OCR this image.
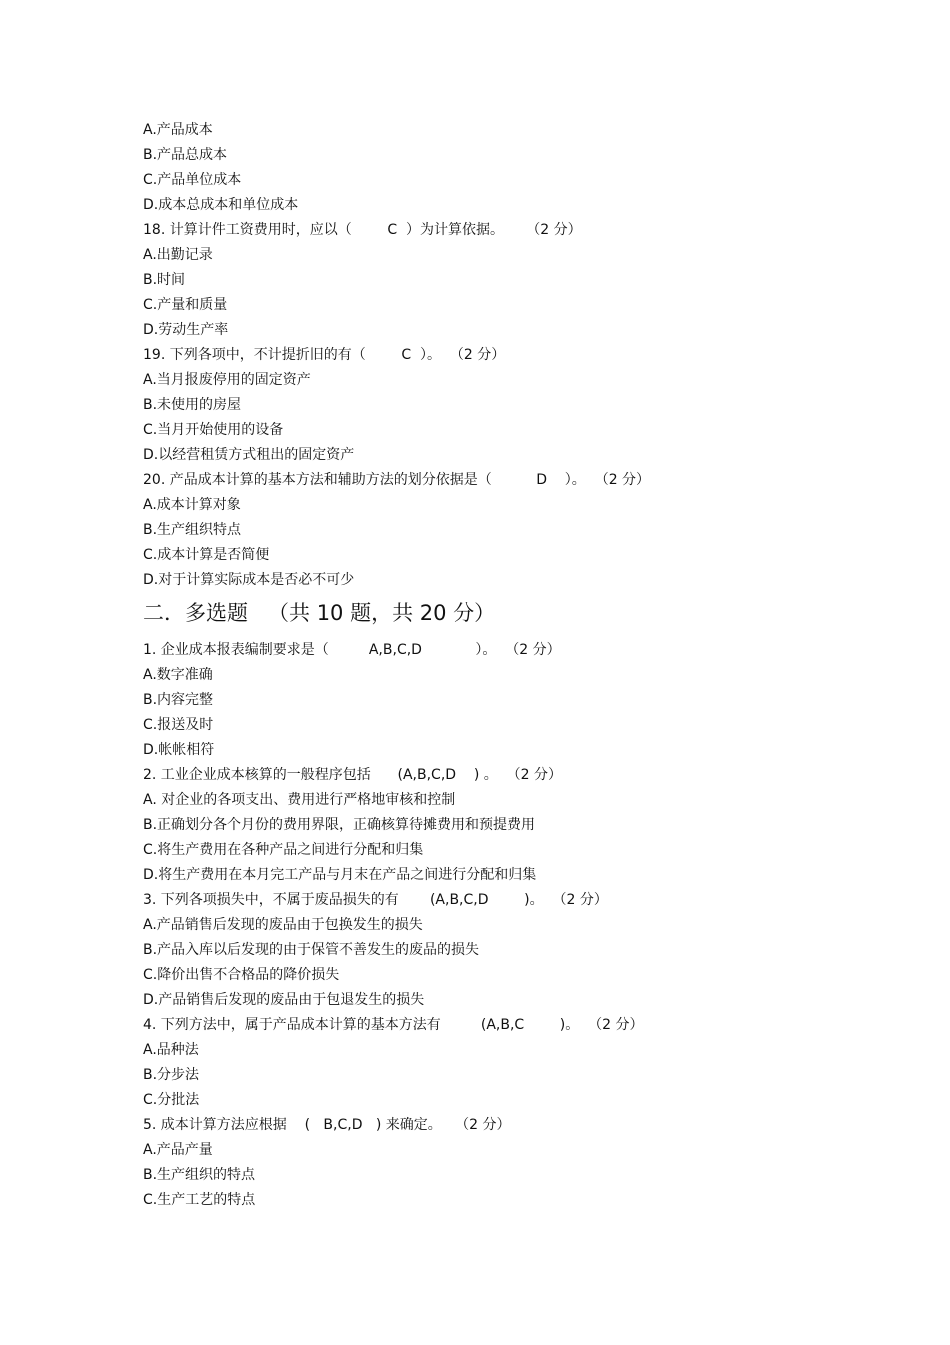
A.产品成本
B.产品总成本
C.产品单位成本
D.成本总成本和单位成本
18. 计算计件工资费用时，应以（        C  ）为计算依据。     （2 分）
A.出勤记录
B.时间
C.产量和质量
D.劳动生产率
19. 下列各项中，不计提折旧的有（        C  ）。  （2 分）
A.当月报废停用的固定资产
B.未使用的房屋
C.当月开始使用的设备
D.以经营租赁方式租出的固定资产
20. 产品成本计算的基本方法和辅助方法的划分依据是（          D    ）。  （2 分）
A.成本计算对象
B.生产组织特点
C.成本计算是否简便
D.对于计算实际成本是否必不可少
二．多选题   （共 10 题，共 20 分）
1. 企业成本报表编制要求是（         A,B,C,D            ）。  （2 分）
A.数字准确
B.内容完整
C.报送及时
D.帐帐相符
2. 工业企业成本核算的一般程序包括      (A,B,C,D    ) 。  （2 分）
A. 对企业的各项支出、费用进行严格地审核和控制
B.正确划分各个月份的费用界限，正确核算待摊费用和预提费用
C.将生产费用在各种产品之间进行分配和归集
D.将生产费用在本月完工产品与月末在产品之间进行分配和归集
3. 下列各项损失中，不属于废品损失的有       (A,B,C,D        )。  （2 分）
A.产品销售后发现的废品由于包换发生的损失
B.产品入库以后发现的由于保管不善发生的废品的损失
C.降价出售不合格品的降价损失
D.产品销售后发现的废品由于包退发生的损失
4. 下列方法中，属于产品成本计算的基本方法有         (A,B,C        )。  （2 分）
A.品种法
B.分步法
C.分批法
5. 成本计算方法应根据    (   B,C,D   ) 来确定。   （2 分）
A.产品产量
B.生产组织的特点
C.生产工艺的特点
